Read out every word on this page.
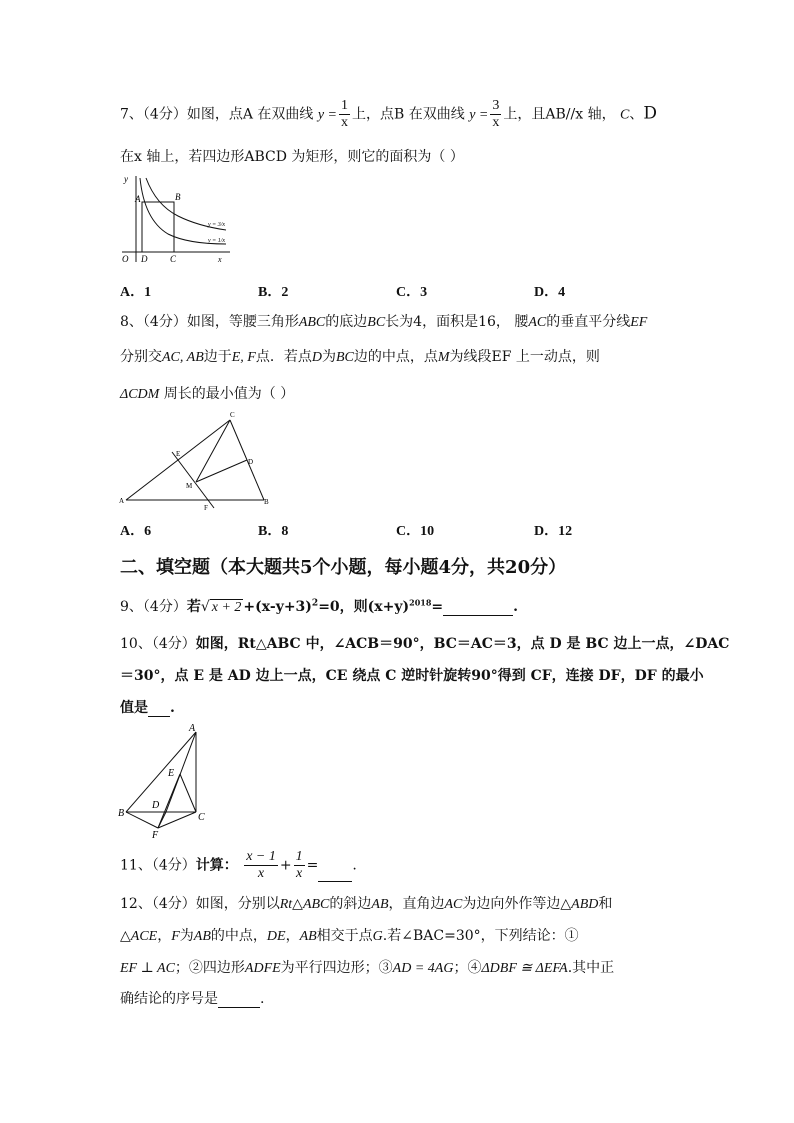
7、（4分）如图，点A 在双曲线 $y = \frac{1}{x}$ 上，点B 在双曲线 $y = \frac{3}{x}$ 上，且AB//x 轴， C、D
在x 轴上，若四边形ABCD 为矩形，则它的面积为（ ）
y
A	B
O D	C	x
y = 3/x
y = 1/x
A．1	B．2	C．3	D．4
8、（4分）如图，等腰三角形ABC的底边BC长为4，面积是16， 腰AC的垂直平分线EF
分别交AC, AB边于E, F点．若点D为BC边的中点，点M为线段EF 上一动点，则
ΔCDM 周长的最小值为（ ）
C
E
D
M
A	B
F
A．6	B．8	C．10	D．12
二、填空题（本大题共5个小题，每小题4分，共20分）
9、（4分）若√ $x + 2 +(x-y+3)^2=0$，则$(x+y)^{2018}=$	.
10、（4分）如图，Rt△ABC 中，∠ACB＝90°，BC＝AC＝3，点 D 是 BC 边上一点，∠DAC
＝30°，点 E 是 AD 边上一点，CE 绕点 C 逆时针旋转90°得到 CF，连接 DF，DF 的最小
值是 .
A
E
D
B	C
F
11、（4分）计算： $\frac{x - 1}{x} + \frac{1}{x}$ = .
12、（4分）如图，分别以Rt△ABC的斜边AB，直角边AC为边向外作等边△ABD和
△ACE，F为AB的中点，DE，AB相交于点G.若∠BAC=30°，下列结论：①
EF ⊥ AC；②四边形ADFE为平行四边形；③AD = 4AG；④ΔDBF ≅ ΔEFA.其中正
确结论的序号是	.
